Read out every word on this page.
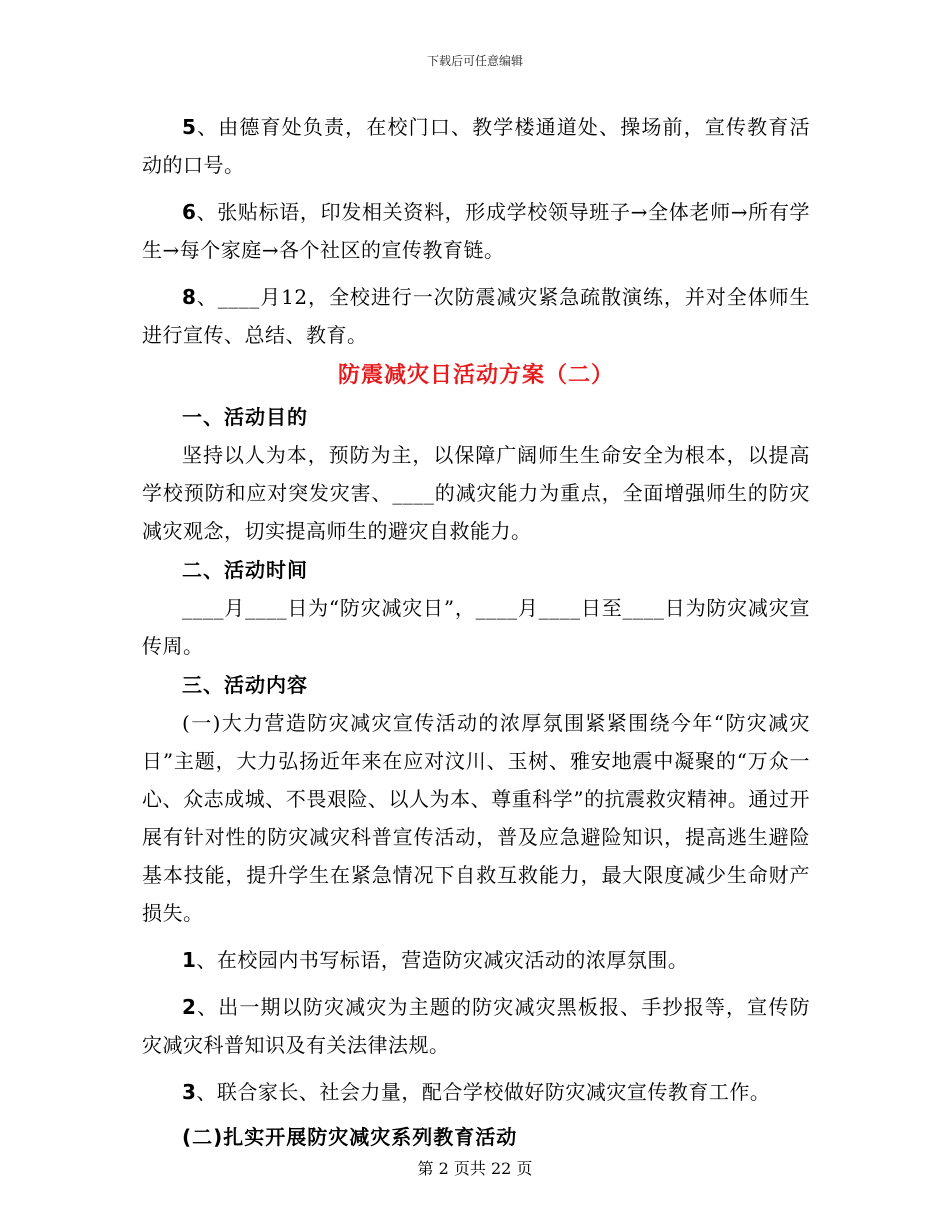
下载后可任意编辑

5、由德育处负责，在校门口、教学楼通道处、操场前，宣传教育活动的口号。

6、张贴标语，印发相关资料，形成学校领导班子→全体老师→所有学生→每个家庭→各个社区的宣传教育链。

8、____月12，全校进行一次防震减灾紧急疏散演练，并对全体师生进行宣传、总结、教育。

防震减灾日活动方案（二）
一、活动目的

坚持以人为本，预防为主，以保障广阔师生生命安全为根本，以提高学校预防和应对突发灾害、____的减灾能力为重点，全面增强师生的防灾减灾观念，切实提高师生的避灾自救能力。

二、活动时间

____月____日为“防灾减灾日”，____月____日至____日为防灾减灾宣传周。

三、活动内容

(一)大力营造防灾减灾宣传活动的浓厚氛围紧紧围绕今年“防灾减灾日”主题，大力弘扬近年来在应对汶川、玉树、雅安地震中凝聚的“万众一心、众志成城、不畏艰险、以人为本、尊重科学”的抗震救灾精神。通过开展有针对性的防灾减灾科普宣传活动，普及应急避险知识，提高逃生避险基本技能，提升学生在紧急情况下自救互救能力，最大限度减少生命财产损失。

1、在校园内书写标语，营造防灾减灾活动的浓厚氛围。

2、出一期以防灾减灾为主题的防灾减灾黑板报、手抄报等，宣传防灾减灾科普知识及有关法律法规。

3、联合家长、社会力量，配合学校做好防灾减灾宣传教育工作。

(二)扎实开展防灾减灾系列教育活动
第 2 页共 22 页
